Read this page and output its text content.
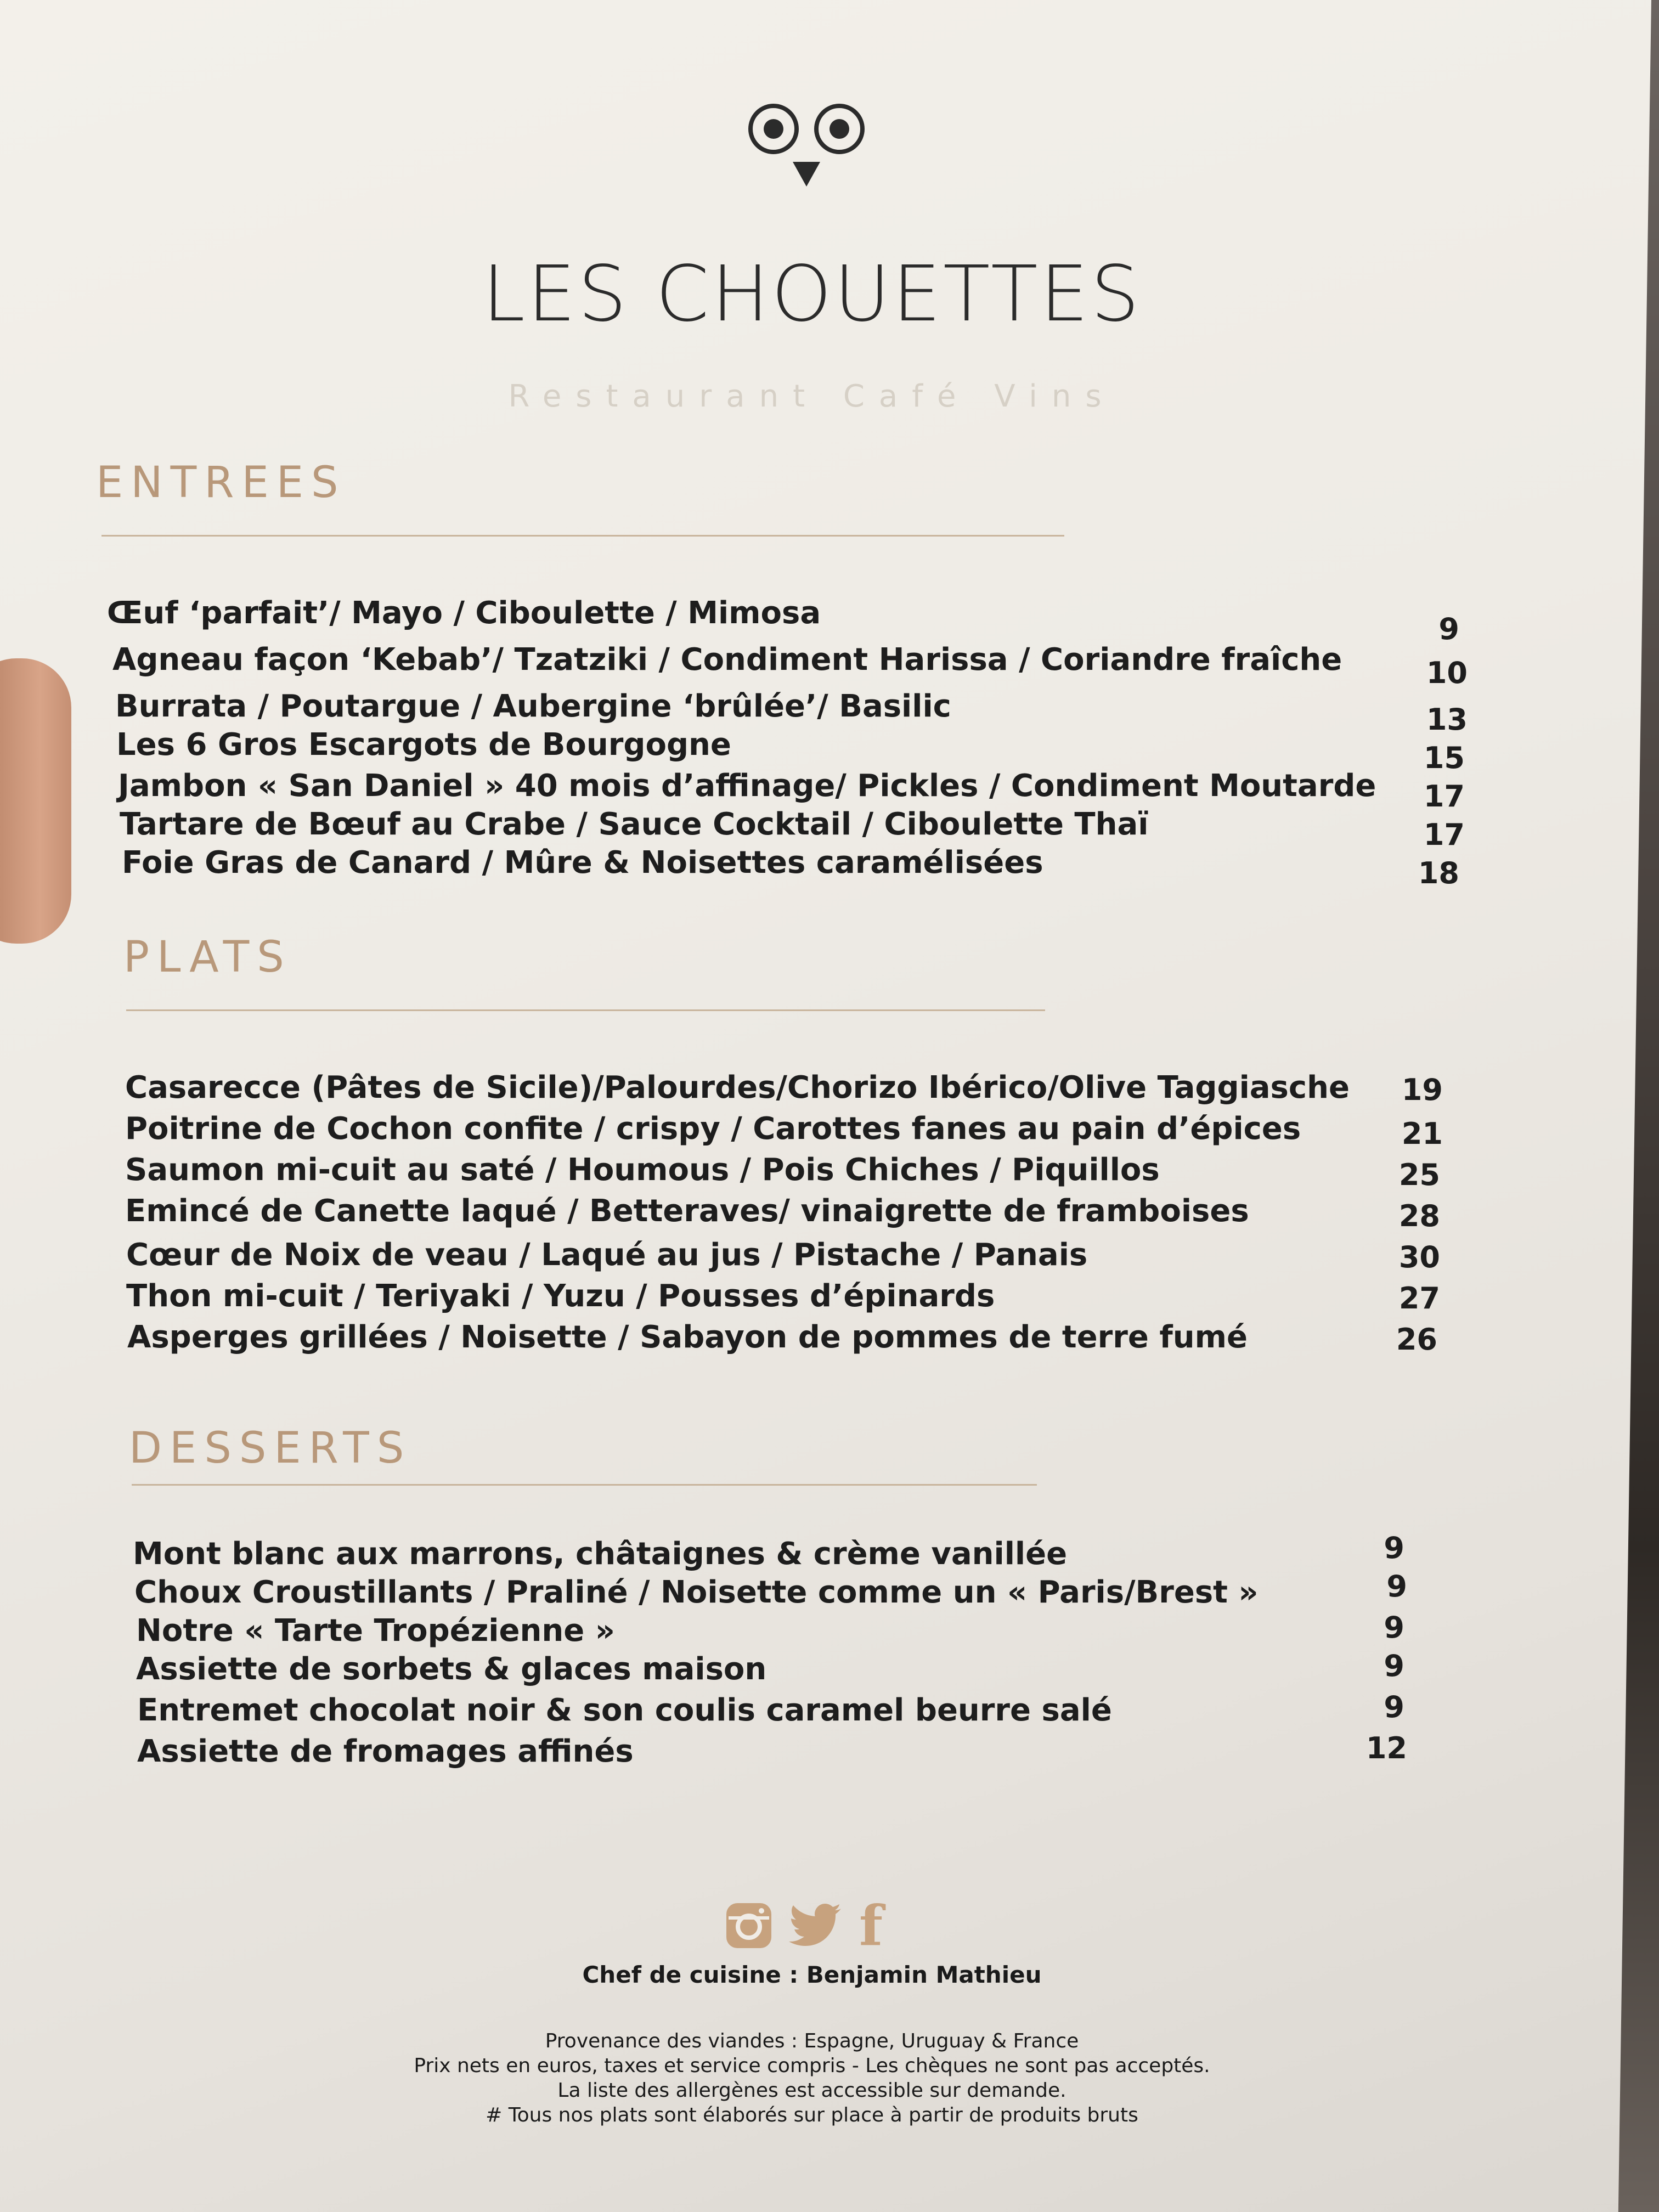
LES CHOUETTES
Restaurant Café Vins
ENTREES
Œuf ‘parfait’/ Mayo / Ciboulette / Mimosa	9
Agneau façon ‘Kebab’/ Tzatziki / Condiment Harissa / Coriandre fraîche	10
Burrata / Poutargue / Aubergine ‘brûlée’/ Basilic	13
Les 6 Gros Escargots de Bourgogne	15
Jambon « San Daniel » 40 mois d’affinage/ Pickles / Condiment Moutarde	17
Tartare de Bœuf au Crabe / Sauce Cocktail / Ciboulette Thaï	17
Foie Gras de Canard / Mûre & Noisettes caramélisées	18
PLATS
Casarecce (Pâtes de Sicile)/Palourdes/Chorizo Ibérico/Olive Taggiasche	19
Poitrine de Cochon confite / crispy / Carottes fanes au pain d’épices	21
Saumon mi-cuit au saté / Houmous / Pois Chiches / Piquillos	25
Emincé de Canette laqué / Betteraves/ vinaigrette de framboises	28
Cœur de Noix de veau / Laqué au jus / Pistache / Panais	30
Thon mi-cuit / Teriyaki / Yuzu / Pousses d’épinards	27
Asperges grillées / Noisette / Sabayon de pommes de terre fumé	26
DESSERTS
Mont blanc aux marrons, châtaignes & crème vanillée	9
Choux Croustillants / Praliné / Noisette comme un « Paris/Brest »	9
Notre « Tarte Tropézienne »	9
Assiette de sorbets & glaces maison	9
Entremet chocolat noir & son coulis caramel beurre salé	9
Assiette de fromages affinés	12
f
Chef de cuisine : Benjamin Mathieu
Provenance des viandes : Espagne, Uruguay & France
Prix nets en euros, taxes et service compris - Les chèques ne sont pas acceptés.
La liste des allergènes est accessible sur demande.
# Tous nos plats sont élaborés sur place à partir de produits bruts
